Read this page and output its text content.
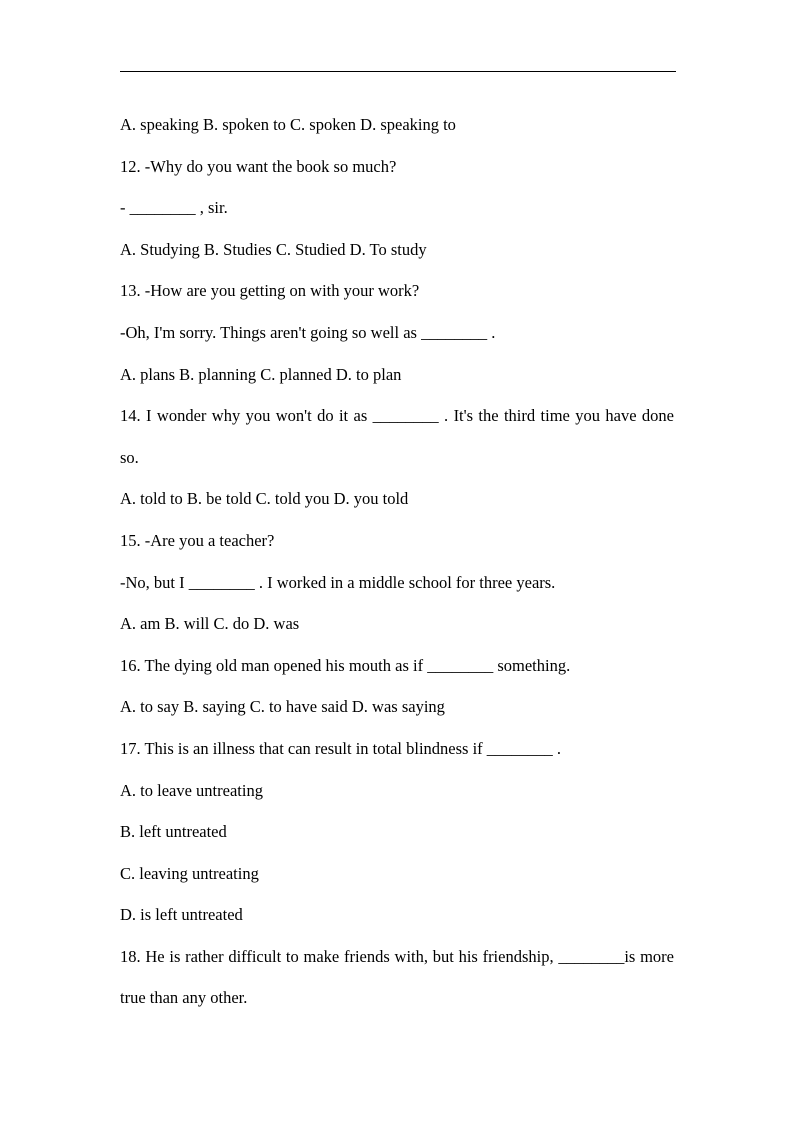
A. speaking B. spoken to C. spoken D. speaking to

12. -Why do you want the book so much?

- ________ , sir.

A. Studying B. Studies C. Studied D. To study

13. -How are you getting on with your work?

-Oh, I'm sorry. Things aren't going so well as ________ .

A. plans B. planning C. planned D. to plan

14. I wonder why you won't do it as ________ . It's the third time you have done so.

A. told to B. be told C. told you D. you told

15. -Are you a teacher?

-No, but I ________ . I worked in a middle school for three years.

A. am B. will C. do D. was

16. The dying old man opened his mouth as if ________ something.

A. to say B. saying C. to have said D. was saying

17. This is an illness that can result in total blindness if ________ .

A. to leave untreating

B. left untreated

C. leaving untreating

D. is left untreated

18. He is rather difficult to make friends with, but his friendship, ________is more true than any other.
